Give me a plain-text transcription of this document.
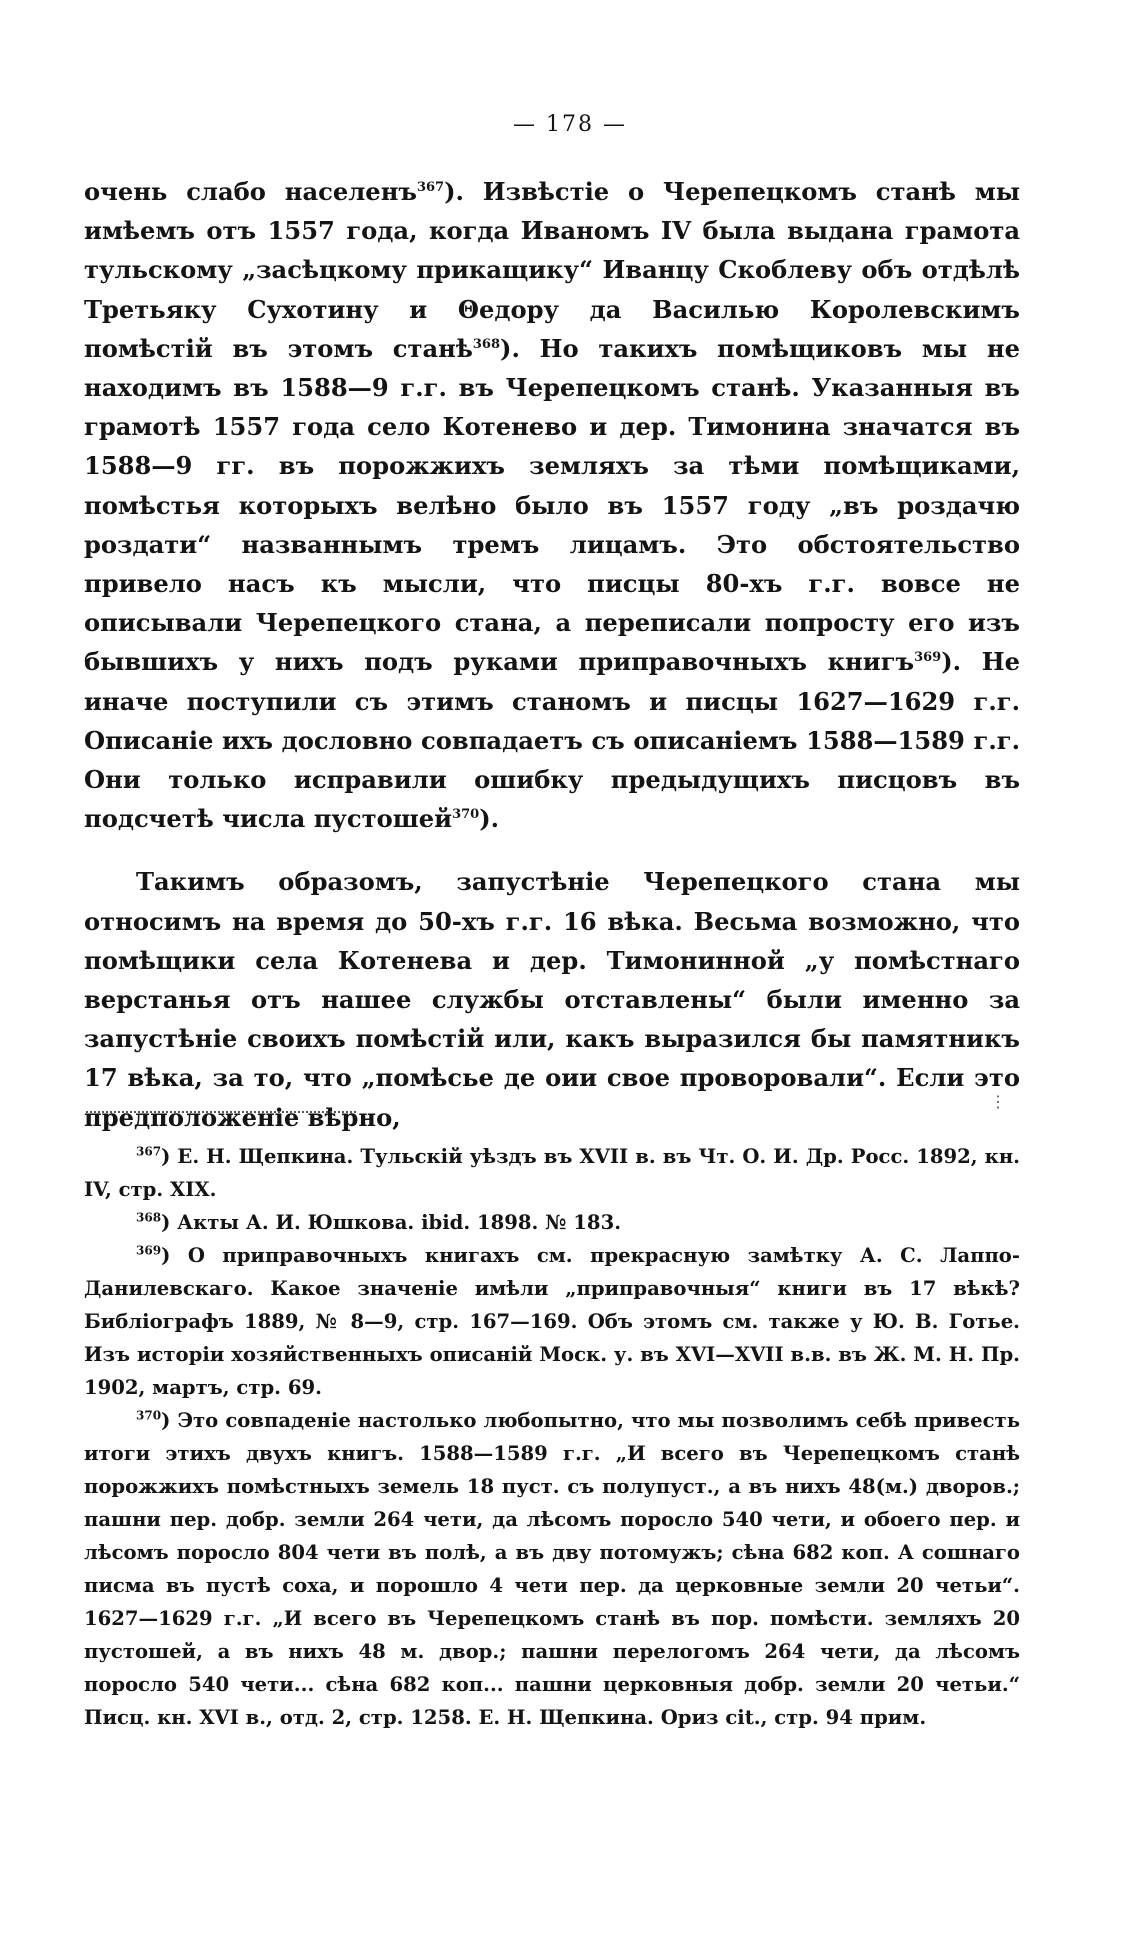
— 178 —

очень слабо населенъ$^{367}$). Извѣстіе о Черепецкомъ станѣ мы имѣемъ отъ 1557 года, когда Иваномъ IV была выдана грамота тульскому „засѣцкому прикащику“ Иванцу Скоблеву объ отдѣлѣ Третьяку Сухотину и Θедору да Василью Королевскимъ помѣстій въ этомъ станѣ$^{368}$). Но такихъ помѣщиковъ мы не находимъ въ 1588—9 г.г. въ Черепецкомъ станѣ. Указанныя въ грамотѣ 1557 года село Котенево и дер. Тимонина значатся въ 1588—9 гг. въ порожжихъ земляхъ за тѣми помѣщиками, помѣстья которыхъ велѣно было въ 1557 году „въ роздачю роздати“ названнымъ тремъ лицамъ. Это обстоятельство привело насъ къ мысли, что писцы 80-хъ г.г. вовсе не описывали Черепецкого стана, а переписали попросту его изъ бывшихъ у нихъ подъ руками приправочныхъ книгъ$^{369}$). Не иначе поступили съ этимъ станомъ и писцы 1627—1629 г.г. Описаніе ихъ дословно совпадаетъ съ описаніемъ 1588—1589 г.г. Они только исправили ошибку предыдущихъ писцовъ въ подсчетѣ числа пустошей$^{370}$).

Такимъ образомъ, запустѣніе Черепецкого стана мы относимъ на время до 50-хъ г.г. 16 вѣка. Весьма возможно, что помѣщики села Котенева и дер. Тимонинной „у помѣстнаго верстанья отъ нашее службы отставлены“ были именно за запустѣніе своихъ помѣстій или, какъ выразился бы памятникъ 17 вѣка, за то, что „помѣсье де оии свое проворовали“. Если это предположеніе вѣрно,

⋮

$^{367}$) Е. Н. Щепкина. Тульскій уѣздъ въ XVII в. въ Чт. О. И. Др. Росс. 1892, кн. IV, стр. XIX.

$^{368}$) Акты А. И. Юшкова. ibid. 1898. № 183.

$^{369}$) О приправочныхъ книгахъ см. прекрасную замѣтку А. С. Лаппо-Данилевскаго. Какое значеніе имѣли „приправочныя“ книги въ 17 вѣкѣ? Библіографъ 1889, № 8—9, стр. 167—169. Объ этомъ см. также у Ю. В. Готье. Изъ исторіи хозяйственныхъ описаній Моск. у. въ XVI—XVII в.в. въ Ж. М. Н. Пр. 1902, мартъ, стр. 69.

$^{370}$) Это совпаденіе настолько любопытно, что мы позволимъ себѣ привесть итоги этихъ двухъ книгъ. 1588—1589 г.г. „И всего въ Черепецкомъ станѣ порожжихъ помѣстныхъ земель 18 пуст. съ полупуст., а въ нихъ 48(м.) дворов.; пашни пер. добр. земли 264 чети, да лѣсомъ поросло 540 чети, и обоего пер. и лѣсомъ поросло 804 чети въ полѣ, а въ дву потомужъ; сѣна 682 коп. А сошнаго писма въ пустѣ соха, и порошло 4 чети пер. да церковные земли 20 четьи“. 1627—1629 г.г. „И всего въ Черепецкомъ станѣ въ пор. помѣсти. земляхъ 20 пустошей, а въ нихъ 48 м. двор.; пашни перелогомъ 264 чети, да лѣсомъ поросло 540 чети... сѣна 682 коп... пашни церковныя добр. земли 20 четьи.“ Писц. кн. XVI в., отд. 2, стр. 1258. Е. Н. Щепкина. Ориз cit., стр. 94 прим.
